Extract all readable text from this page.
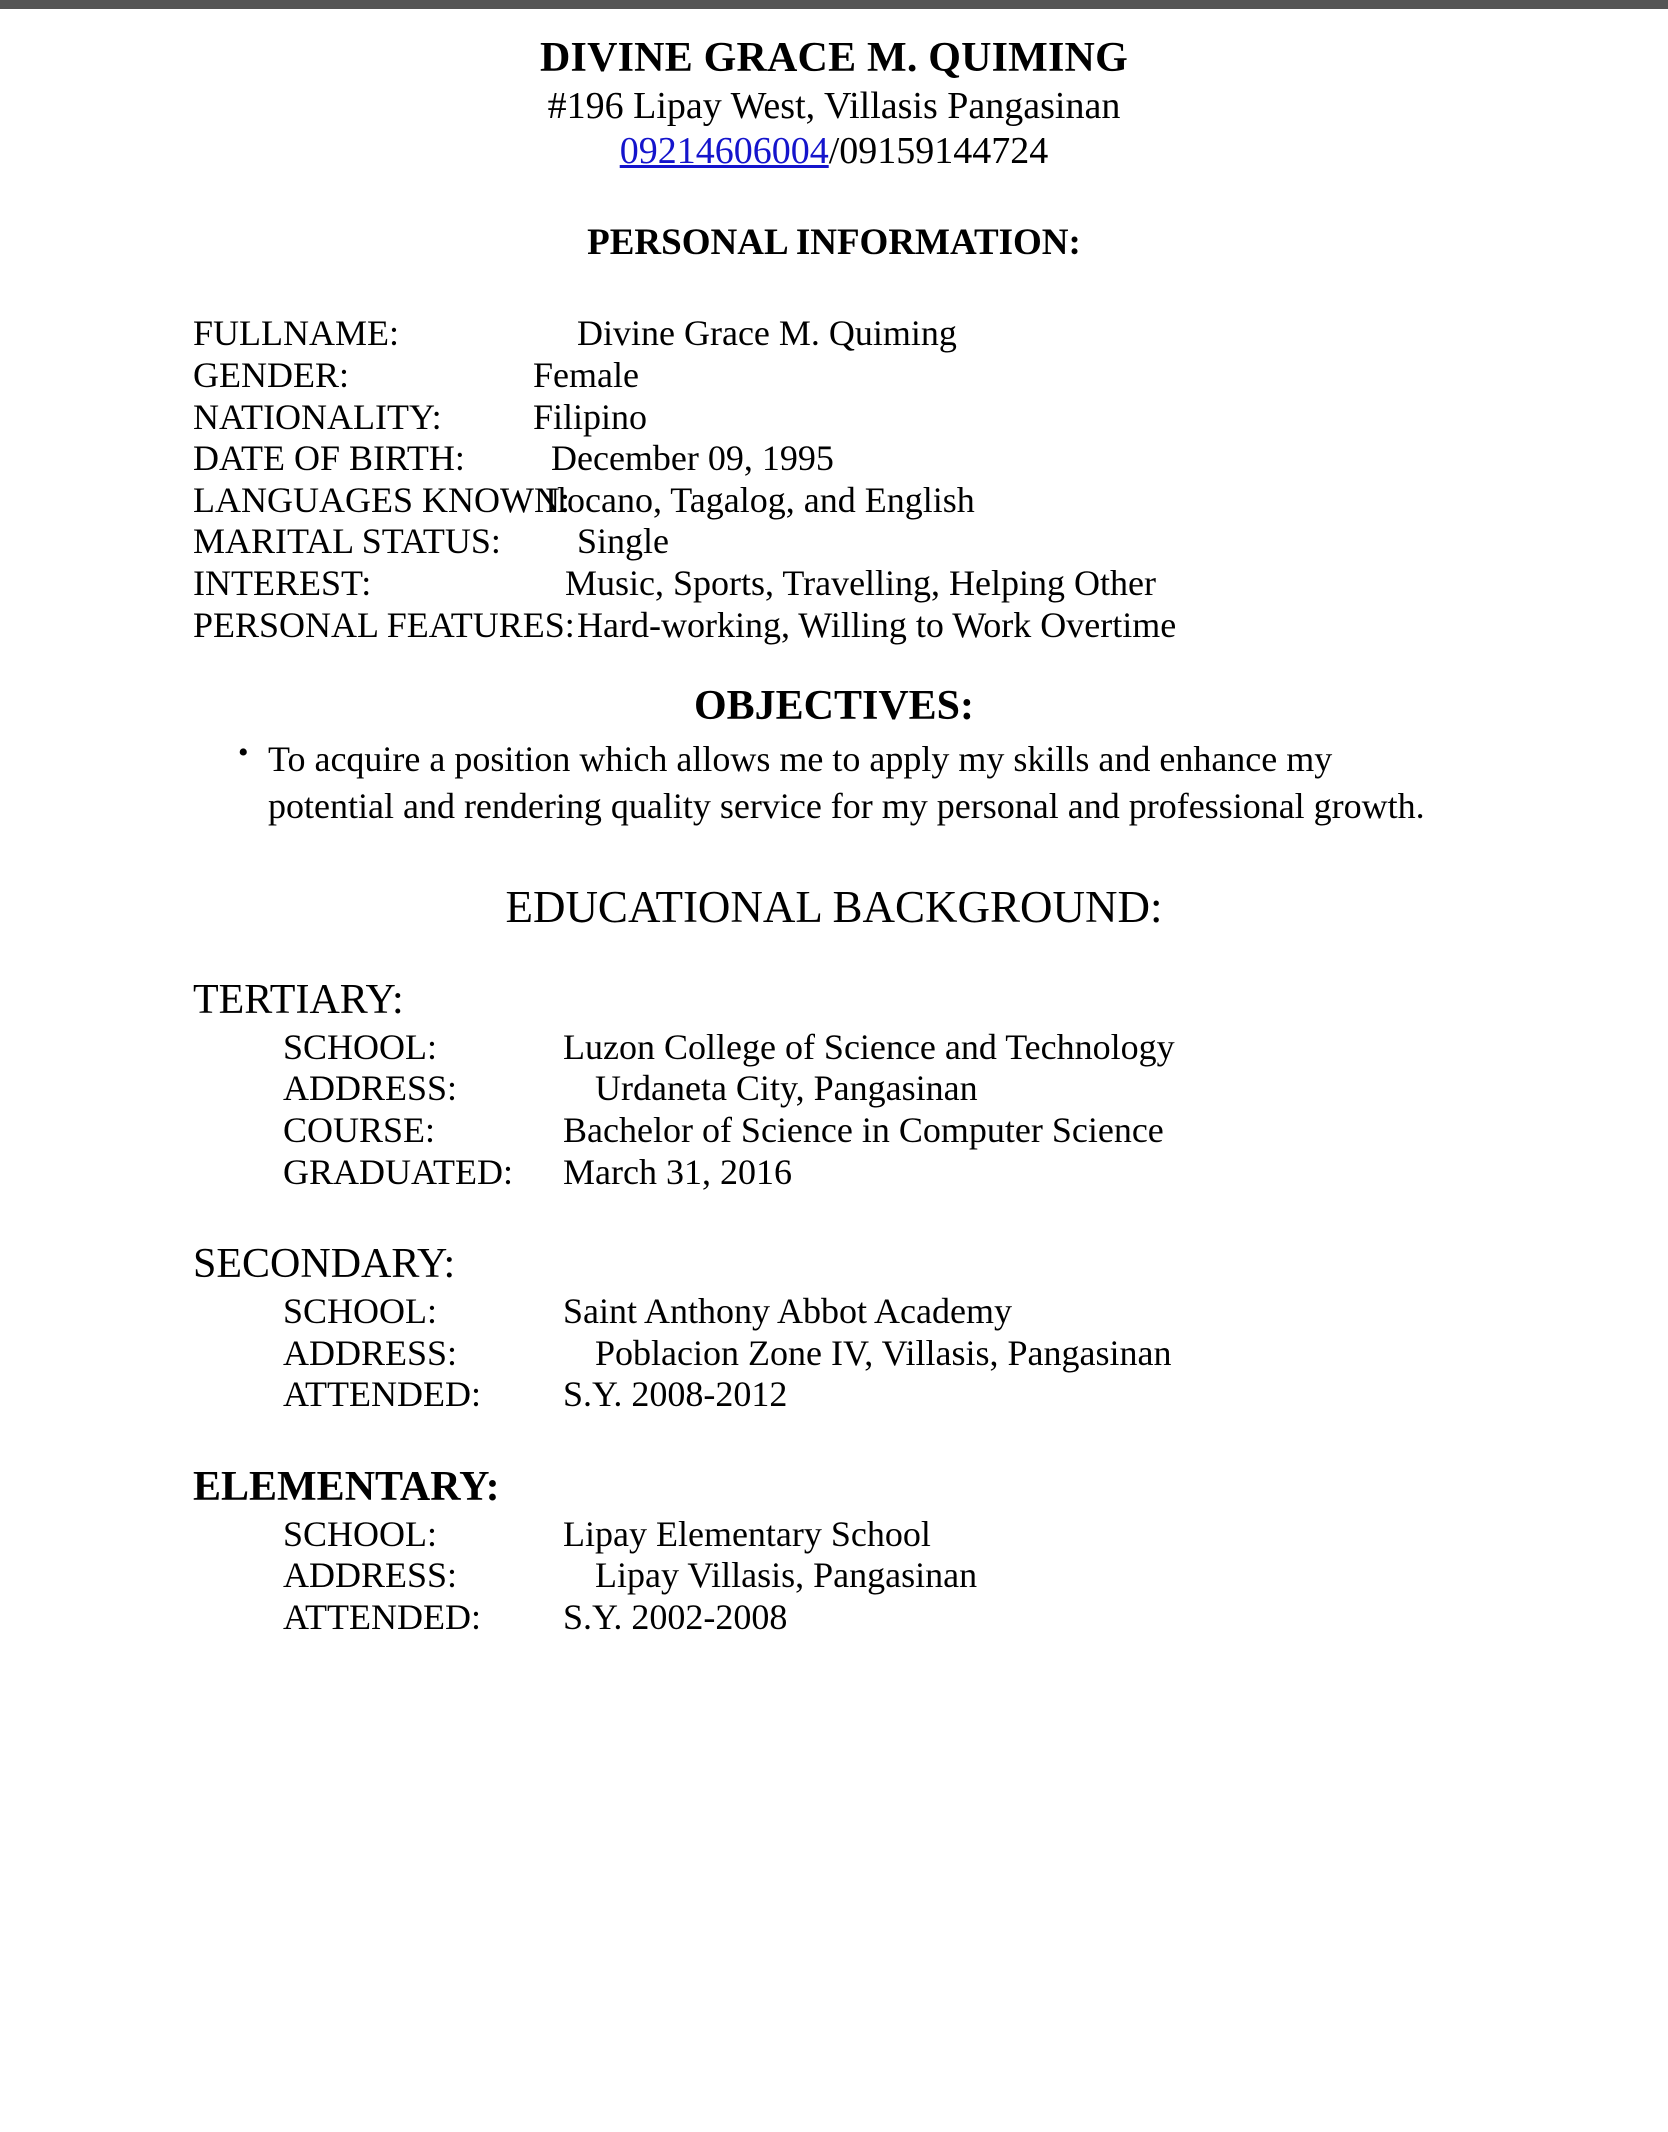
DIVINE GRACE M. QUIMING
#196 Lipay West, Villasis Pangasinan
09214606004/09159144724
PERSONAL INFORMATION:
FULLNAME:	Divine Grace M. Quiming
GENDER:	Female
NATIONALITY:	Filipino
DATE OF BIRTH:	December 09, 1995
LANGUAGES KNOWN:
Ilocano, Tagalog, and English
MARITAL STATUS:	Single
INTEREST:	Music, Sports, Travelling, Helping Other
PERSONAL FEATURES: Hard-working, Willing to Work Overtime
OBJECTIVES:
• To acquire a position which allows me to apply my skills and enhance my potential and rendering quality service for my personal and professional growth.
EDUCATIONAL BACKGROUND:
TERTIARY:
SCHOOL:	Luzon College of Science and Technology
ADDRESS:	Urdaneta City, Pangasinan
COURSE:	Bachelor of Science in Computer Science
GRADUATED:	March 31, 2016
SECONDARY:
SCHOOL:	Saint Anthony Abbot Academy
ADDRESS:	Poblacion Zone IV, Villasis, Pangasinan
ATTENDED:	S.Y. 2008-2012
ELEMENTARY:
SCHOOL:	Lipay Elementary School
ADDRESS:	Lipay Villasis, Pangasinan
ATTENDED:	S.Y. 2002-2008
